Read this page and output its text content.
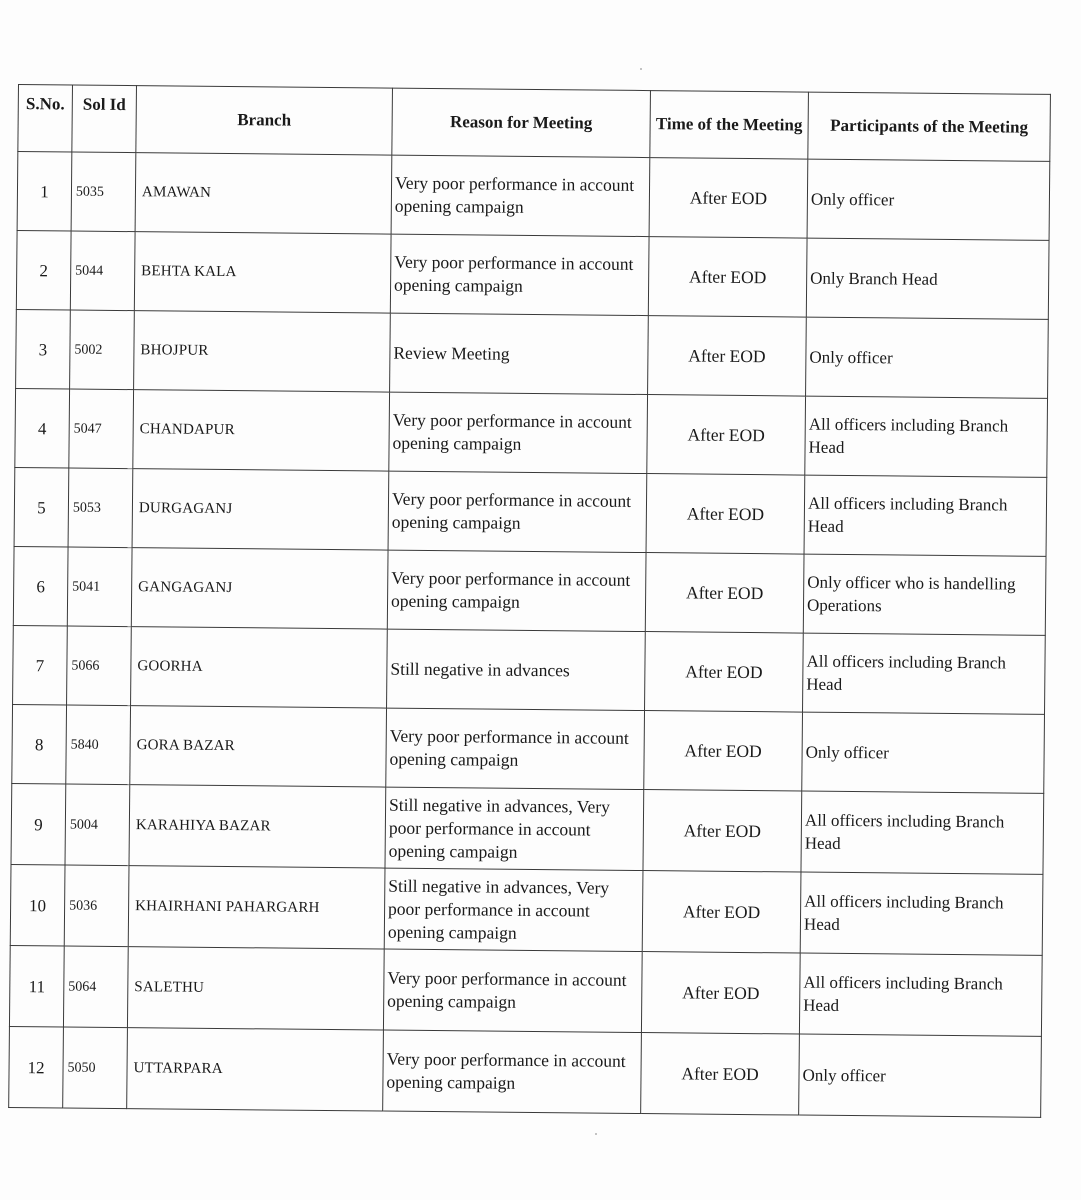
S.No.	Sol Id	Branch	Reason for Meeting	Time of the Meeting	Participants of the Meeting
1	5035	AMAWAN	Very poor performance in account opening campaign	After EOD	Only officer
2	5044	BEHTA KALA	Very poor performance in account opening campaign	After EOD	Only Branch Head
3	5002	BHOJPUR	Review Meeting	After EOD	Only officer
4	5047	CHANDAPUR	Very poor performance in account opening campaign	After EOD	All officers including Branch Head
5	5053	DURGAGANJ	Very poor performance in account opening campaign	After EOD	All officers including Branch Head
6	5041	GANGAGANJ	Very poor performance in account opening campaign	After EOD	Only officer who is handelling Operations
7	5066	GOORHA	Still negative in advances	After EOD	All officers including Branch Head
8	5840	GORA BAZAR	Very poor performance in account opening campaign	After EOD	Only officer
9	5004	KARAHIYA BAZAR	Still negative in advances, Very poor performance in account opening campaign	After EOD	All officers including Branch Head
10	5036	KHAIRHANI PAHARGARH	Still negative in advances, Very poor performance in account opening campaign	After EOD	All officers including Branch Head
11	5064	SALETHU	Very poor performance in account opening campaign	After EOD	All officers including Branch Head
12	5050	UTTARPARA	Very poor performance in account opening campaign	After EOD	Only officer
